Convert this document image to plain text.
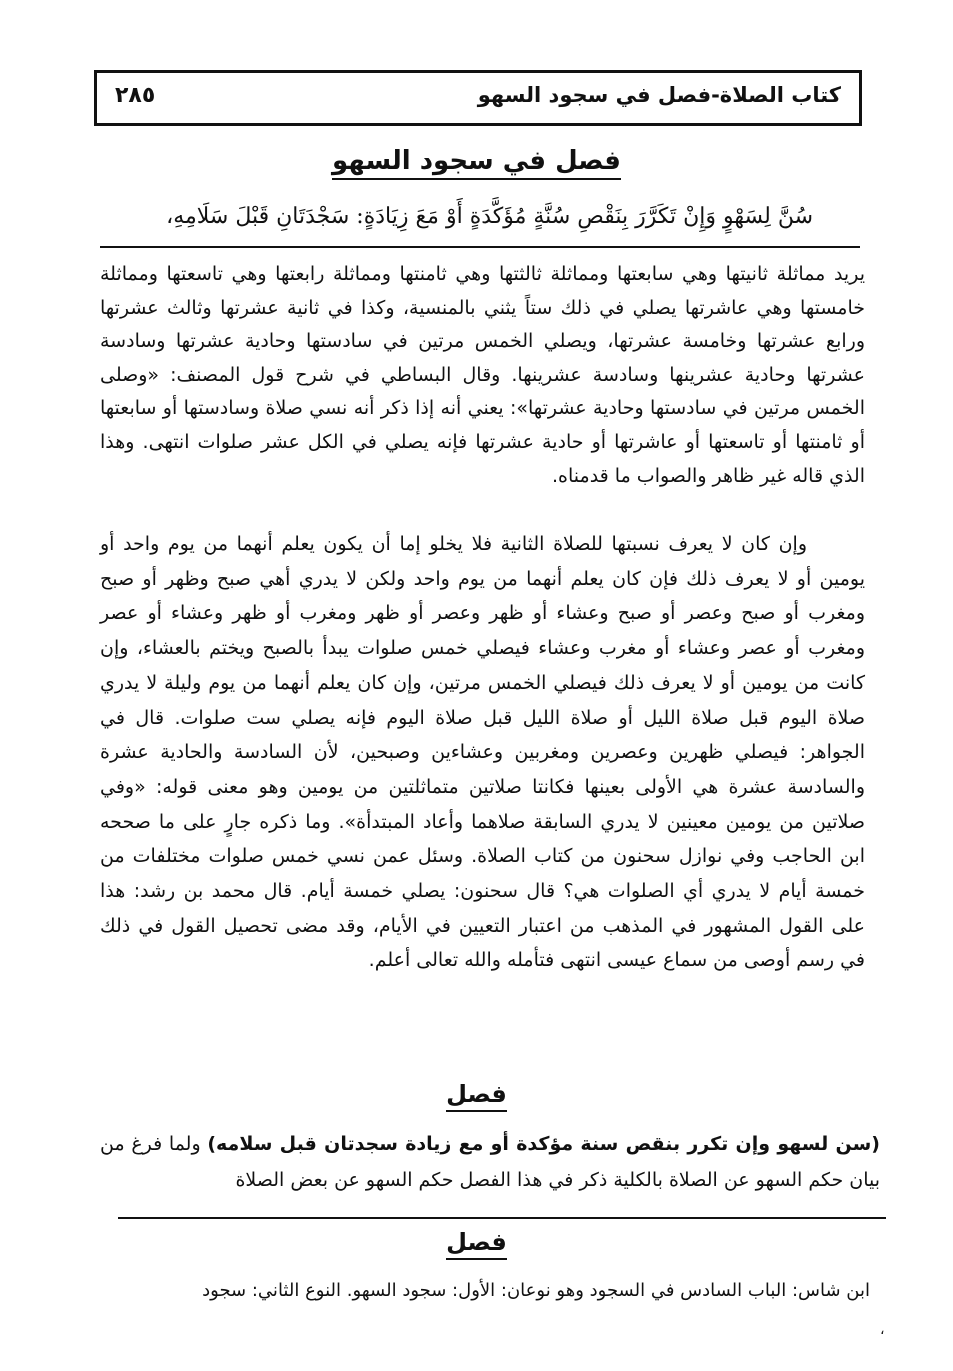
كتاب الصلاة-فصل في سجود السهو
٢٨٥
فصل في سجود السهو
سُنَّ لِسَهْوٍ وَإِنْ تَكَرَّرَ بِنَقْصِ سُنَّةٍ مُؤَكَّدَةٍ أَوْ مَعَ زِيَادَةٍ: سَجْدَتَانِ قَبْلَ سَلَامِهِ،

يريد مماثلة ثانيتها وهي سابعتها ومماثلة ثالثتها وهي ثامنتها ومماثلة رابعتها وهي تاسعتها ومماثلة خامستها وهي عاشرتها يصلي في ذلك ستاً يثني بالمنسية، وكذا في ثانية عشرتها وثالث عشرتها ورابع عشرتها وخامسة عشرتها، ويصلي الخمس مرتين في سادستها وحادية عشرتها وسادسة عشرتها وحادية عشرينها وسادسة عشرينها. وقال البساطي في شرح قول المصنف: «وصلى الخمس مرتين في سادستها وحادية عشرتها»: يعني أنه إذا ذكر أنه نسي صلاة وسادستها أو سابعتها أو ثامنتها أو تاسعتها أو عاشرتها أو حادية عشرتها فإنه يصلي في الكل عشر صلوات انتهى. وهذا الذي قاله غير ظاهر والصواب ما قدمناه.

وإن كان لا يعرف نسبتها للصلاة الثانية فلا يخلو إما أن يكون يعلم أنهما من يوم واحد أو يومين أو لا يعرف ذلك فإن كان يعلم أنهما من يوم واحد ولكن لا يدري أهي صبح وظهر أو صبح ومغرب أو صبح وعصر أو صبح وعشاء أو ظهر وعصر أو ظهر ومغرب أو ظهر وعشاء أو عصر ومغرب أو عصر وعشاء أو مغرب وعشاء فيصلي خمس صلوات يبدأ بالصبح ويختم بالعشاء، وإن كانت من يومين أو لا يعرف ذلك فيصلي الخمس مرتين، وإن كان يعلم أنهما من يوم وليلة لا يدري صلاة اليوم قبل صلاة الليل أو صلاة الليل قبل صلاة اليوم فإنه يصلي ست صلوات. قال في الجواهر: فيصلي ظهرين وعصرين ومغربين وعشاءين وصبحين، لأن السادسة والحادية عشرة والسادسة عشرة هي الأولى بعينها فكانتا صلاتين متماثلتين من يومين وهو معنى قوله: «وفي صلاتين من يومين معينين لا يدري السابقة صلاهما وأعاد المبتدأة». وما ذكره جارٍ على ما صححه ابن الحاجب وفي نوازل سحنون من كتاب الصلاة. وسئل عمن نسي خمس صلوات مختلفات من خمسة أيام لا يدري أي الصلوات هي؟ قال سحنون: يصلي خمسة أيام. قال محمد بن رشد: هذا على القول المشهور في المذهب من اعتبار التعيين في الأيام، وقد مضى تحصيل القول في ذلك في رسم أوصى من سماع عيسى انتهى فتأمله والله تعالى أعلم.

فصل

(سن لسهو وإن تكرر بنقص سنة مؤكدة أو مع زيادة سجدتان قبل سلامه) ولما فرغ من بيان حكم السهو عن الصلاة بالكلية ذكر في هذا الفصل حكم السهو عن بعض الصلاة

فصل
ابن شاس: الباب السادس في السجود وهو نوعان: الأول: سجود السهو. النوع الثاني: سجود
،
